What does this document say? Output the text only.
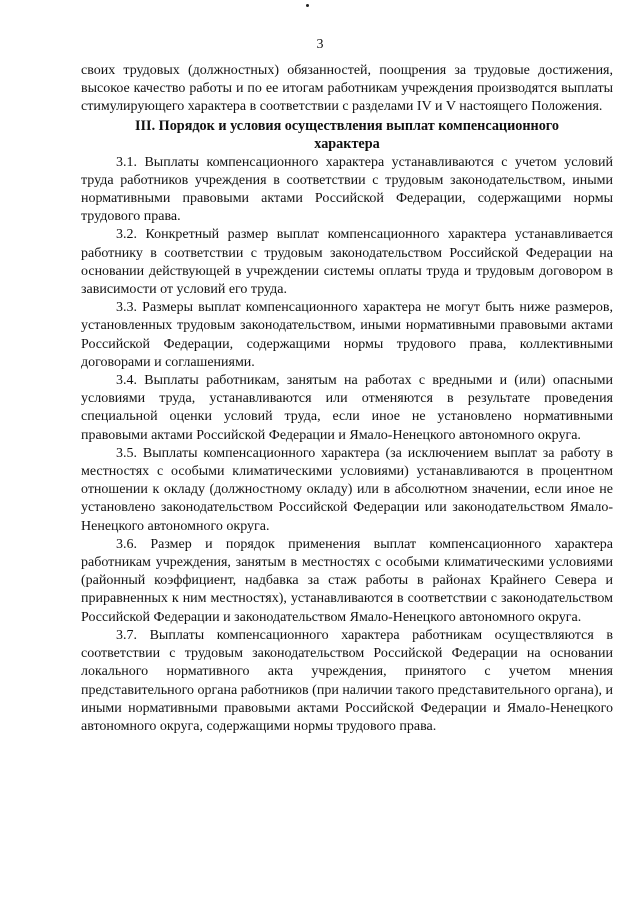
3

своих трудовых (должностных) обязанностей, поощрения за трудовые достижения, высокое качество работы и по ее итогам работникам учреждения производятся выплаты стимулирующего характера в соответствии с разделами IV и V настоящего Положения.

III. Порядок и условия осуществления выплат компенсационного характера

3.1. Выплаты компенсационного характера устанавливаются с учетом условий труда работников учреждения в соответствии с трудовым законодательством, иными нормативными правовыми актами Российской Федерации, содержащими нормы трудового права.

3.2. Конкретный размер выплат компенсационного характера устанавливается работнику в соответствии с трудовым законодательством Российской Федерации на основании действующей в учреждении системы оплаты труда и трудовым договором в зависимости от условий его труда.

3.3. Размеры выплат компенсационного характера не могут быть ниже размеров, установленных трудовым законодательством, иными нормативными правовыми актами Российской Федерации, содержащими нормы трудового права, коллективными договорами и соглашениями.

3.4. Выплаты работникам, занятым на работах с вредными и (или) опасными условиями труда, устанавливаются или отменяются в результате проведения специальной оценки условий труда, если иное не установлено нормативными правовыми актами Российской Федерации и Ямало-Ненецкого автономного округа.

3.5. Выплаты компенсационного характера (за исключением выплат за работу в местностях с особыми климатическими условиями) устанавливаются в процентном отношении к окладу (должностному окладу) или в абсолютном значении, если иное не установлено законодательством Российской Федерации или законодательством Ямало-Ненецкого автономного округа.

3.6. Размер и порядок применения выплат компенсационного характера работникам учреждения, занятым в местностях с особыми климатическими условиями (районный коэффициент, надбавка за стаж работы в районах Крайнего Севера и приравненных к ним местностях), устанавливаются в соответствии с законодательством Российской Федерации и законодательством Ямало-Ненецкого автономного округа.

3.7. Выплаты компенсационного характера работникам осуществляются в соответствии с трудовым законодательством Российской Федерации на основании локального нормативного акта учреждения, принятого с учетом мнения представительного органа работников (при наличии такого представительного органа), и иными нормативными правовыми актами Российской Федерации и Ямало-Ненецкого автономного округа, содержащими нормы трудового права.
